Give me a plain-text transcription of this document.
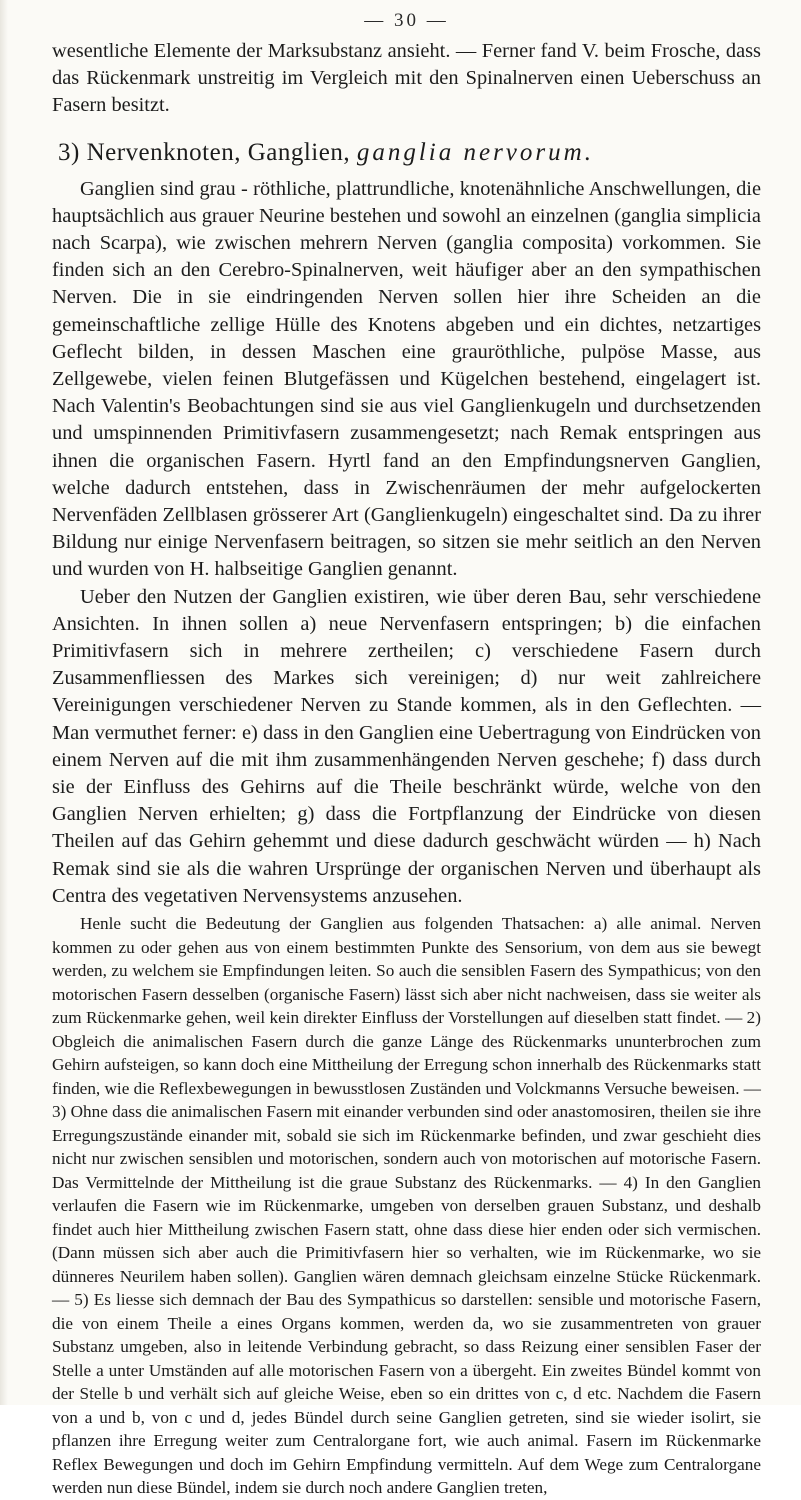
— 30 —

wesentliche Elemente der Marksubstanz ansieht. — Ferner fand V. beim Frosche, dass das Rückenmark unstreitig im Vergleich mit den Spinalnerven einen Ueberschuss an Fasern besitzt.

3) Nervenknoten, Ganglien, ganglia nervorum.

Ganglien sind grau - röthliche, plattrundliche, knotenähnliche Anschwellungen, die hauptsächlich aus grauer Neurine bestehen und sowohl an einzelnen (ganglia simplicia nach Scarpa), wie zwischen mehrern Nerven (ganglia composita) vorkommen. Sie finden sich an den Cerebro-Spinalnerven, weit häufiger aber an den sympathischen Nerven. Die in sie eindringenden Nerven sollen hier ihre Scheiden an die gemeinschaftliche zellige Hülle des Knotens abgeben und ein dichtes, netzartiges Geflecht bilden, in dessen Maschen eine grauröthliche, pulpöse Masse, aus Zellgewebe, vielen feinen Blutgefässen und Kügelchen bestehend, eingelagert ist. Nach Valentin's Beobachtungen sind sie aus viel Ganglienkugeln und durchsetzenden und umspinnenden Primitivfasern zusammengesetzt; nach Remak entspringen aus ihnen die organischen Fasern. Hyrtl fand an den Empfindungsnerven Ganglien, welche dadurch entstehen, dass in Zwischenräumen der mehr aufgelockerten Nervenfäden Zellblasen grösserer Art (Ganglienkugeln) eingeschaltet sind. Da zu ihrer Bildung nur einige Nervenfasern beitragen, so sitzen sie mehr seitlich an den Nerven und wurden von H. halbseitige Ganglien genannt.

Ueber den Nutzen der Ganglien existiren, wie über deren Bau, sehr verschiedene Ansichten. In ihnen sollen a) neue Nervenfasern entspringen; b) die einfachen Primitivfasern sich in mehrere zertheilen; c) verschiedene Fasern durch Zusammenfliessen des Markes sich vereinigen; d) nur weit zahlreichere Vereinigungen verschiedener Nerven zu Stande kommen, als in den Geflechten. — Man vermuthet ferner: e) dass in den Ganglien eine Uebertragung von Eindrücken von einem Nerven auf die mit ihm zusammenhängenden Nerven geschehe; f) dass durch sie der Einfluss des Gehirns auf die Theile beschränkt würde, welche von den Ganglien Nerven erhielten; g) dass die Fortpflanzung der Eindrücke von diesen Theilen auf das Gehirn gehemmt und diese dadurch geschwächt würden — h) Nach Remak sind sie als die wahren Ursprünge der organischen Nerven und überhaupt als Centra des vegetativen Nervensystems anzusehen.

Henle sucht die Bedeutung der Ganglien aus folgenden Thatsachen: a) alle animal. Nerven kommen zu oder gehen aus von einem bestimmten Punkte des Sensorium, von dem aus sie bewegt werden, zu welchem sie Empfindungen leiten. So auch die sensiblen Fasern des Sympathicus; von den motorischen Fasern desselben (organische Fasern) lässt sich aber nicht nachweisen, dass sie weiter als zum Rückenmarke gehen, weil kein direkter Einfluss der Vorstellungen auf dieselben statt findet. — 2) Obgleich die animalischen Fasern durch die ganze Länge des Rückenmarks ununterbrochen zum Gehirn aufsteigen, so kann doch eine Mittheilung der Erregung schon innerhalb des Rückenmarks statt finden, wie die Reflexbewegungen in bewusstlosen Zuständen und Volckmanns Versuche beweisen. — 3) Ohne dass die animalischen Fasern mit einander verbunden sind oder anastomosiren, theilen sie ihre Erregungszustände einander mit, sobald sie sich im Rückenmarke befinden, und zwar geschieht dies nicht nur zwischen sensiblen und motorischen, sondern auch von motorischen auf motorische Fasern. Das Vermittelnde der Mittheilung ist die graue Substanz des Rückenmarks. — 4) In den Ganglien verlaufen die Fasern wie im Rückenmarke, umgeben von derselben grauen Substanz, und deshalb findet auch hier Mittheilung zwischen Fasern statt, ohne dass diese hier enden oder sich vermischen. (Dann müssen sich aber auch die Primitivfasern hier so verhalten, wie im Rückenmarke, wo sie dünneres Neurilem haben sollen). Ganglien wären demnach gleichsam einzelne Stücke Rückenmark. — 5) Es liesse sich demnach der Bau des Sympathicus so darstellen: sensible und motorische Fasern, die von einem Theile a eines Organs kommen, werden da, wo sie zusammentreten von grauer Substanz umgeben, also in leitende Verbindung gebracht, so dass Reizung einer sensiblen Faser der Stelle a unter Umständen auf alle motorischen Fasern von a übergeht. Ein zweites Bündel kommt von der Stelle b und verhält sich auf gleiche Weise, eben so ein drittes von c, d etc. Nachdem die Fasern von a und b, von c und d, jedes Bündel durch seine Ganglien getreten, sind sie wieder isolirt, sie pflanzen ihre Erregung weiter zum Centralorgane fort, wie auch animal. Fasern im Rückenmarke Reflex Bewegungen und doch im Gehirn Empfindung vermitteln. Auf dem Wege zum Centralorgane werden nun diese Bündel, indem sie durch noch andere Ganglien treten,
